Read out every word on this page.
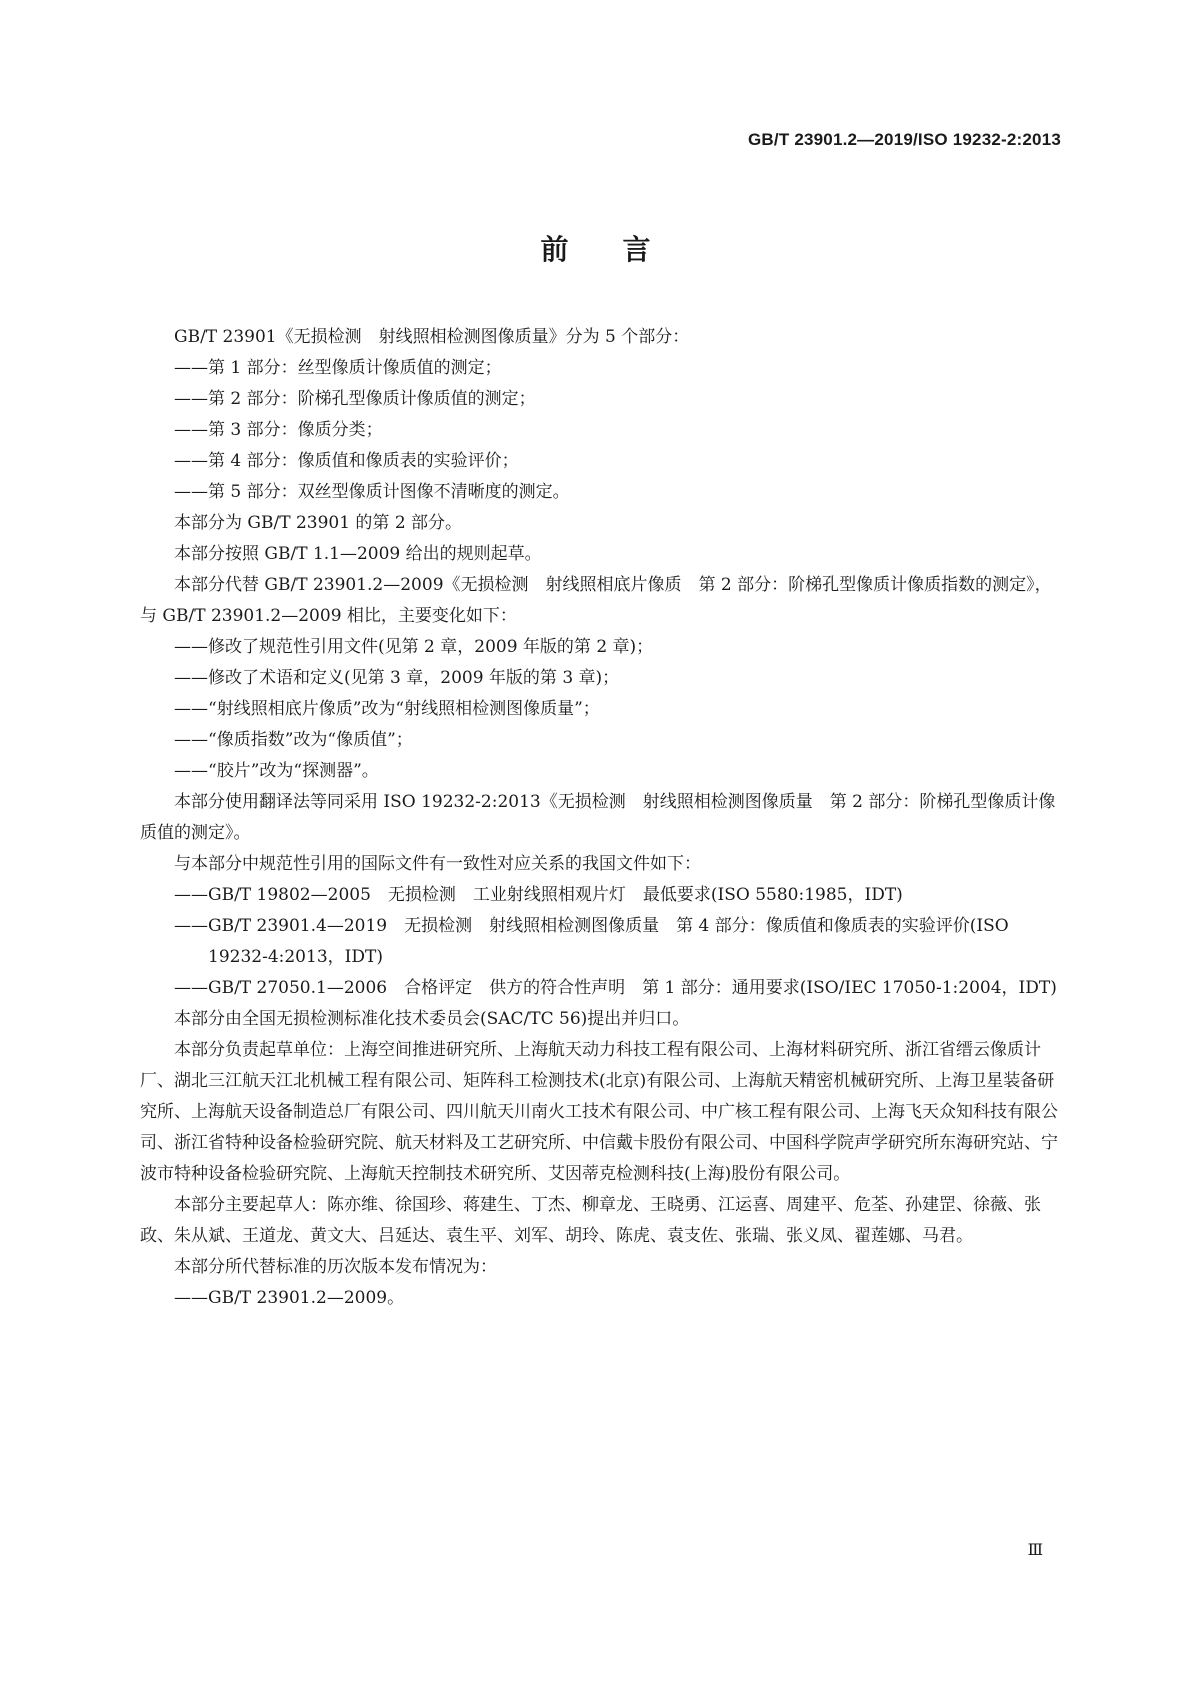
GB/T 23901.2—2019/ISO 19232-2:2013
前言

GB/T 23901《无损检测　射线照相检测图像质量》分为 5 个部分：

——第 1 部分：丝型像质计像质值的测定；

——第 2 部分：阶梯孔型像质计像质值的测定；

——第 3 部分：像质分类；

——第 4 部分：像质值和像质表的实验评价；

——第 5 部分：双丝型像质计图像不清晰度的测定。

本部分为 GB/T 23901 的第 2 部分。

本部分按照 GB/T 1.1—2009 给出的规则起草。

本部分代替 GB/T 23901.2—2009《无损检测　射线照相底片像质　第 2 部分：阶梯孔型像质计像质指数的测定》，与 GB/T 23901.2—2009 相比，主要变化如下：

——修改了规范性引用文件(见第 2 章，2009 年版的第 2 章)；

——修改了术语和定义(见第 3 章，2009 年版的第 3 章)；

——“射线照相底片像质”改为“射线照相检测图像质量”；

——“像质指数”改为“像质值”；

——“胶片”改为“探测器”。

本部分使用翻译法等同采用 ISO 19232-2:2013《无损检测　射线照相检测图像质量　第 2 部分：阶梯孔型像质计像质值的测定》。

与本部分中规范性引用的国际文件有一致性对应关系的我国文件如下：

——GB/T 19802—2005　无损检测　工业射线照相观片灯　最低要求(ISO 5580:1985，IDT)

——GB/T 23901.4—2019　无损检测　射线照相检测图像质量　第 4 部分：像质值和像质表的实验评价(ISO 19232-4:2013，IDT)

——GB/T 27050.1—2006　合格评定　供方的符合性声明　第 1 部分：通用要求(ISO/IEC 17050-1:2004，IDT)

本部分由全国无损检测标准化技术委员会(SAC/TC 56)提出并归口。

本部分负责起草单位：上海空间推进研究所、上海航天动力科技工程有限公司、上海材料研究所、浙江省缙云像质计厂、湖北三江航天江北机械工程有限公司、矩阵科工检测技术(北京)有限公司、上海航天精密机械研究所、上海卫星装备研究所、上海航天设备制造总厂有限公司、四川航天川南火工技术有限公司、中广核工程有限公司、上海飞天众知科技有限公司、浙江省特种设备检验研究院、航天材料及工艺研究所、中信戴卡股份有限公司、中国科学院声学研究所东海研究站、宁波市特种设备检验研究院、上海航天控制技术研究所、艾因蒂克检测科技(上海)股份有限公司。

本部分主要起草人：陈亦维、徐国珍、蒋建生、丁杰、柳章龙、王晓勇、江运喜、周建平、危荃、孙建罡、徐薇、张政、朱从斌、王道龙、黄文大、吕延达、袁生平、刘军、胡玲、陈虎、袁支佐、张瑞、张义凤、翟莲娜、马君。

本部分所代替标准的历次版本发布情况为：

——GB/T 23901.2—2009。

Ⅲ
